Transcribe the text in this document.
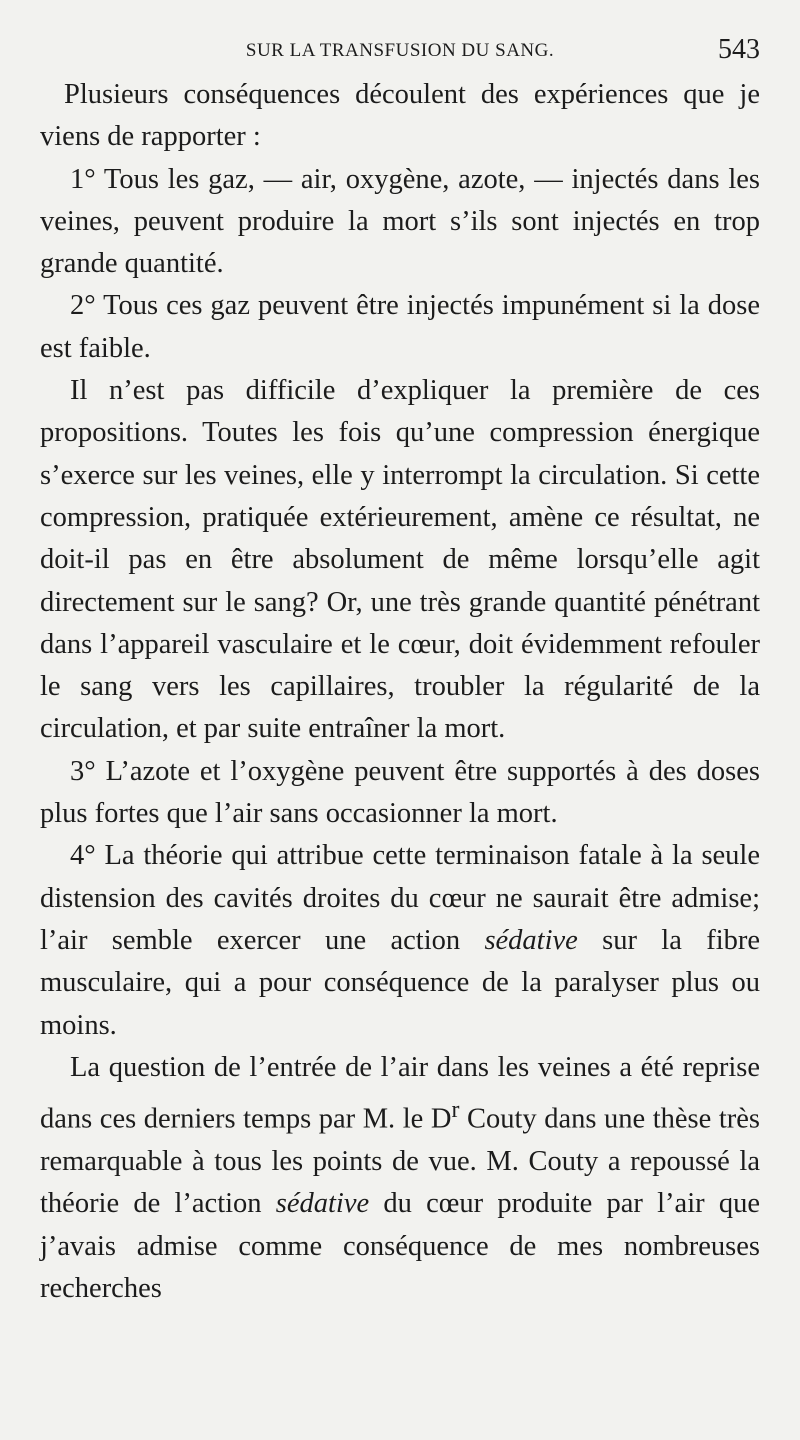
SUR LA TRANSFUSION DU SANG.	543

Plusieurs conséquences découlent des expériences que je viens de rapporter :

1° Tous les gaz, — air, oxygène, azote, — injectés dans les veines, peuvent produire la mort s’ils sont injectés en trop grande quantité.

2° Tous ces gaz peuvent être injectés impunément si la dose est faible.

Il n’est pas difficile d’expliquer la première de ces propositions. Toutes les fois qu’une compression énergique s’exerce sur les veines, elle y interrompt la circulation. Si cette compression, pratiquée extérieurement, amène ce résultat, ne doit-il pas en être absolument de même lorsqu’elle agit directement sur le sang? Or, une très grande quantité pénétrant dans l’appareil vasculaire et le cœur, doit évidemment refouler le sang vers les capillaires, troubler la régularité de la circulation, et par suite entraîner la mort.

3° L’azote et l’oxygène peuvent être supportés à des doses plus fortes que l’air sans occasionner la mort.

4° La théorie qui attribue cette terminaison fatale à la seule distension des cavités droites du cœur ne saurait être admise; l’air semble exercer une action sédative sur la fibre musculaire, qui a pour conséquence de la paralyser plus ou moins.

La question de l’entrée de l’air dans les veines a été reprise dans ces derniers temps par M. le $D^r$ Couty dans une thèse très remarquable à tous les points de vue. M. Couty a repoussé la théorie de l’action sédative du cœur produite par l’air que j’avais admise comme conséquence de mes nombreuses recherches
